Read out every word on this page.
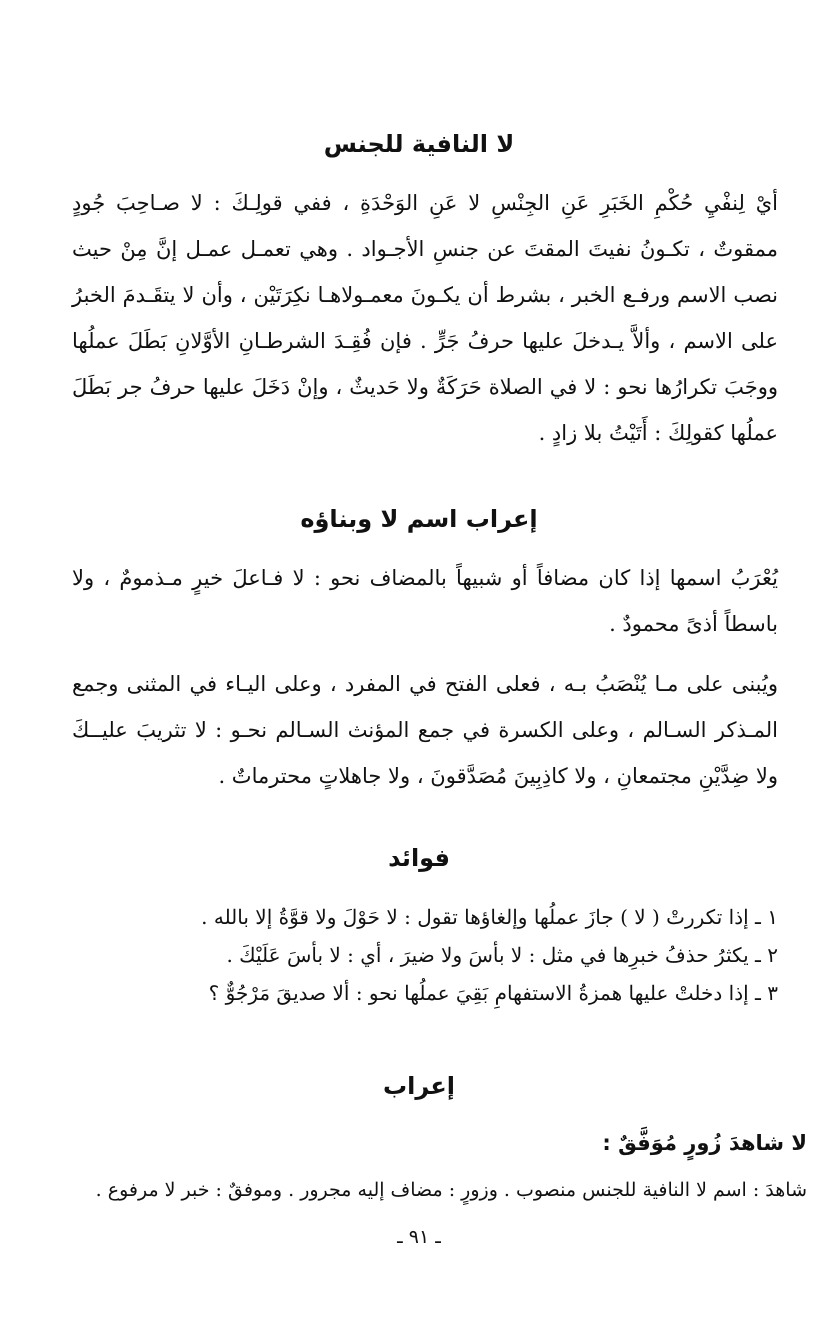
لا النافية للجنس

أيْ لِنفْيِ حُكْمِ الخَبَرِ عَنِ الجِنْسِ لا عَنِ الوَحْدَةِ ، ففي قولِـكَ : لا صـاحِبَ جُودٍ ممقوتٌ ، تكـونُ نفيتَ المقتَ عن جنسِ الأجـواد . وهي تعمـل عمـل إنَّ مِنْ حيث نصب الاسم ورفـع الخبر ، بشرط أن يكـونَ معمـولاهـا نكِرَتَيْن ، وأن لا يتقَـدمَ الخبرُ على الاسم ، وألاَّ يـدخلَ عليها حرفُ جَرٍّ . فإن فُقِـدَ الشرطـانِ الأوَّلانِ بَطَلَ عملُها ووجَبَ تكرارُها نحو : لا في الصلاة حَرَكَةٌ ولا حَديثٌ ، وإنْ دَخَلَ عليها حرفُ جر بَطَلَ عملُها كقولِكَ : أَتَيْتُ بلا زادٍ .

إعراب اسم لا وبناؤه

يُعْرَبُ اسمها إذا كان مضافاً أو شبيهاً بالمضاف نحو : لا فـاعلَ خيرٍ مـذمومٌ ، ولا باسطاً أذىً محمودٌ .

ويُبنى على مـا يُنْصَبُ بـه ، فعلى الفتح في المفرد ، وعلى اليـاء في المثنى وجمع المـذكر السـالم ، وعلى الكسرة في جمع المؤنث السـالم نحـو : لا تثريبَ عليــكَ ولا ضِدَّيْنِ مجتمعانِ ، ولا كاذِبِينَ مُصَدَّقونَ ، ولا جاهلاتٍ محترماتٌ .

فوائد
١ ـ إذا تكررتْ ( لا ) جازَ عملُها وإلغاؤها تقول : لا حَوْلَ ولا قوَّةُ إلا بالله .
٢ ـ يكثرُ حذفُ خبرِها في مثل : لا بأسَ ولا ضيرَ ، أي : لا بأسَ عَلَيْكَ .
٣ ـ إذا دخلتْ عليها همزةُ الاستفهامِ بَقِيَ عملُها نحو : ألا صديقَ مَرْجُوٌّ ؟
إعراب
لا شاهدَ زُورٍ مُوَفَّقٌ :
شاهدَ : اسم لا النافية للجنس منصوب . وزورٍ : مضاف إليه مجرور . وموفقٌ : خبر لا مرفوع .
ـ ٩١ ـ
